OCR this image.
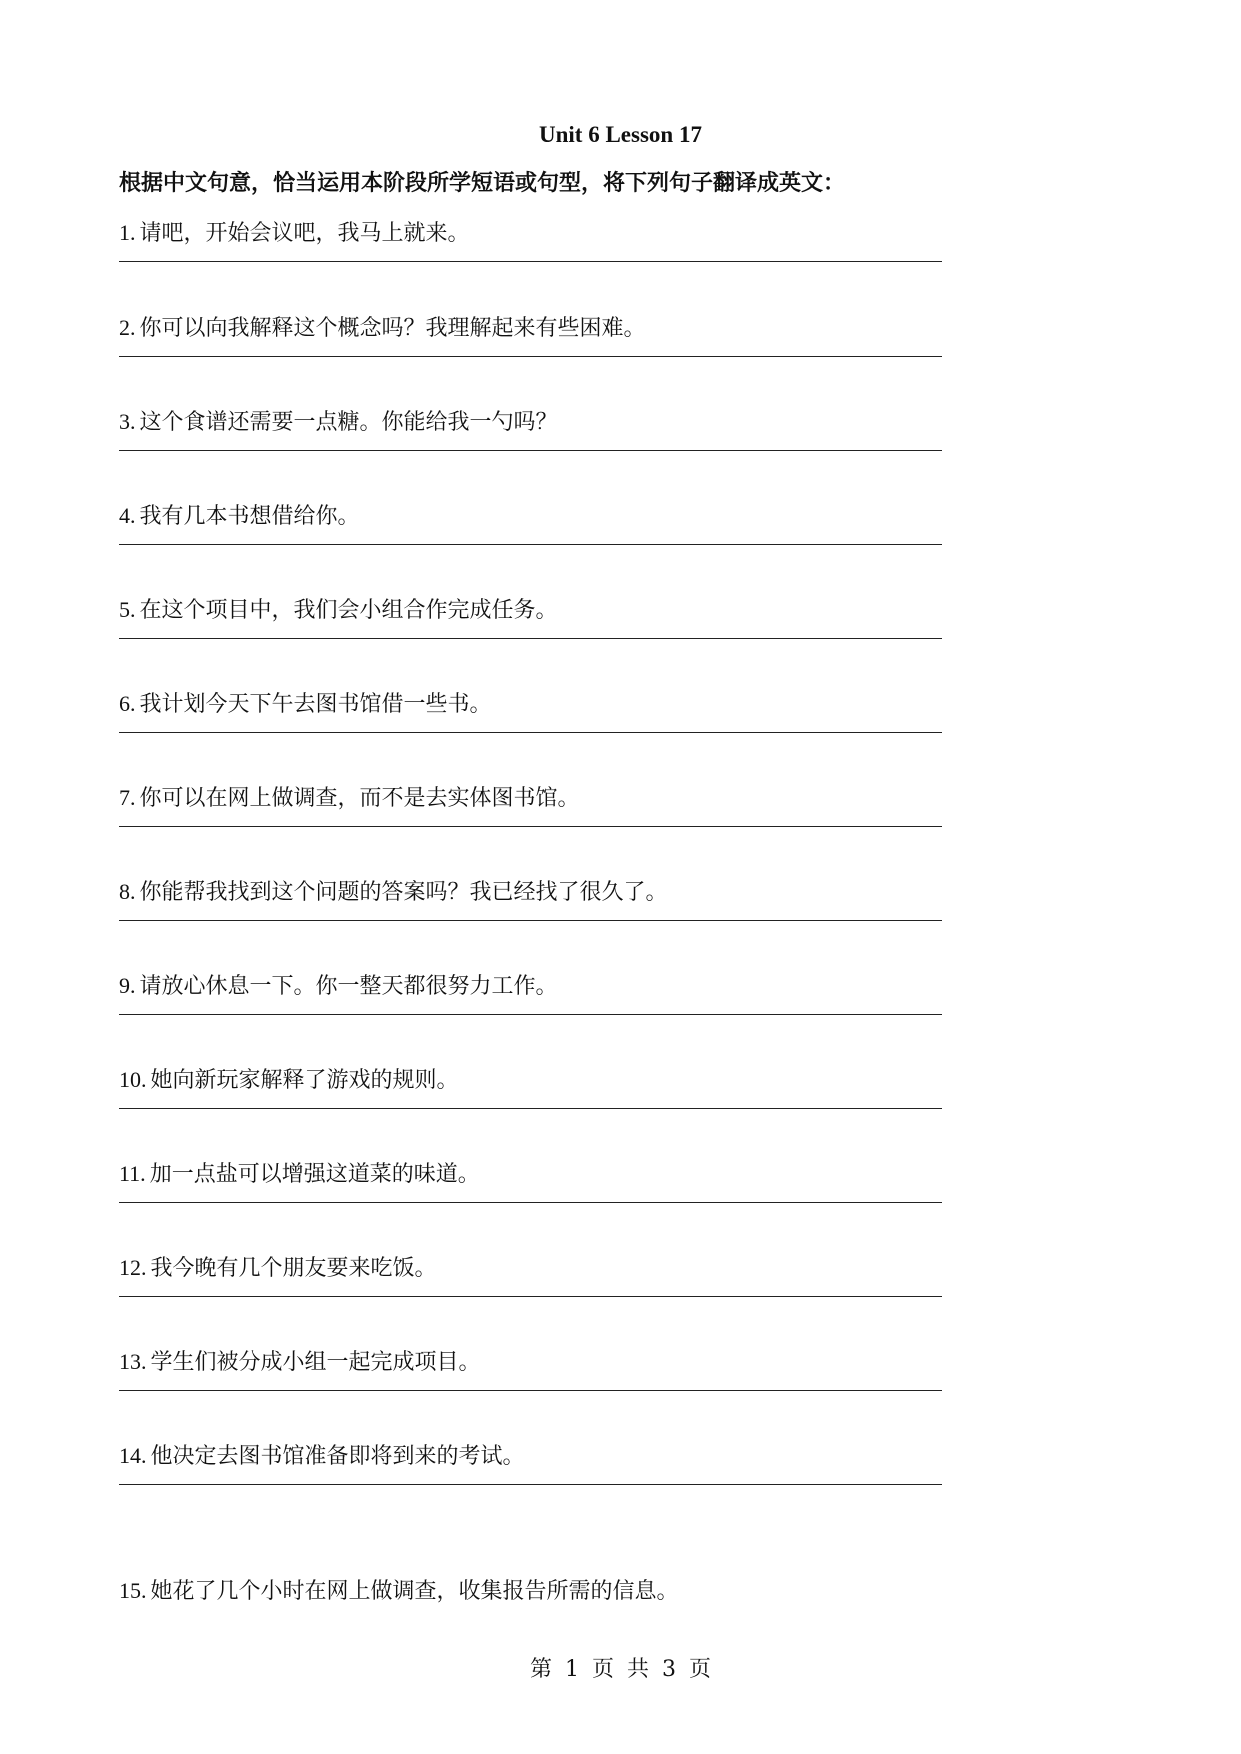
Unit 6 Lesson 17
根据中文句意，恰当运用本阶段所学短语或句型，将下列句子翻译成英文：
1. 请吧，开始会议吧，我马上就来。
2. 你可以向我解释这个概念吗？我理解起来有些困难。
3. 这个食谱还需要一点糖。你能给我一勺吗？
4. 我有几本书想借给你。
5. 在这个项目中，我们会小组合作完成任务。
6. 我计划今天下午去图书馆借一些书。
7. 你可以在网上做调查，而不是去实体图书馆。
8. 你能帮我找到这个问题的答案吗？我已经找了很久了。
9. 请放心休息一下。你一整天都很努力工作。
10. 她向新玩家解释了游戏的规则。
11. 加一点盐可以增强这道菜的味道。
12. 我今晚有几个朋友要来吃饭。
13. 学生们被分成小组一起完成项目。
14. 他决定去图书馆准备即将到来的考试。
15. 她花了几个小时在网上做调查，收集报告所需的信息。
第 1 页 共 3 页
